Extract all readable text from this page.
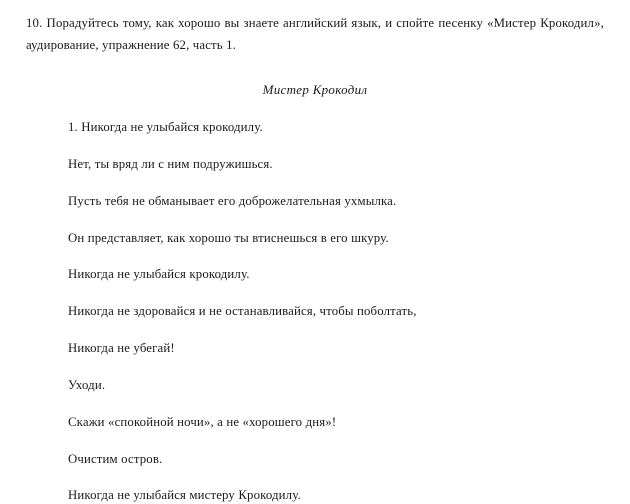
10. Порадуйтесь тому, как хорошо вы знаете английский язык, и спойте песенку «Мистер Крокодил», аудирование, упражнение 62, часть 1.

Мистер Крокодил
1. Никогда не улыбайся крокодилу.
Нет, ты вряд ли с ним подружишься.
Пусть тебя не обманывает его доброжелательная ухмылка.
Он представляет, как хорошо ты втиснешься в его шкуру.
Никогда не улыбайся крокодилу.
Никогда не здоровайся и не останавливайся, чтобы поболтать,
Никогда не убегай!
Уходи.
Скажи «спокойной ночи», а не «хорошего дня»!
Очистим остров.
Никогда не улыбайся мистеру Крокодилу.
